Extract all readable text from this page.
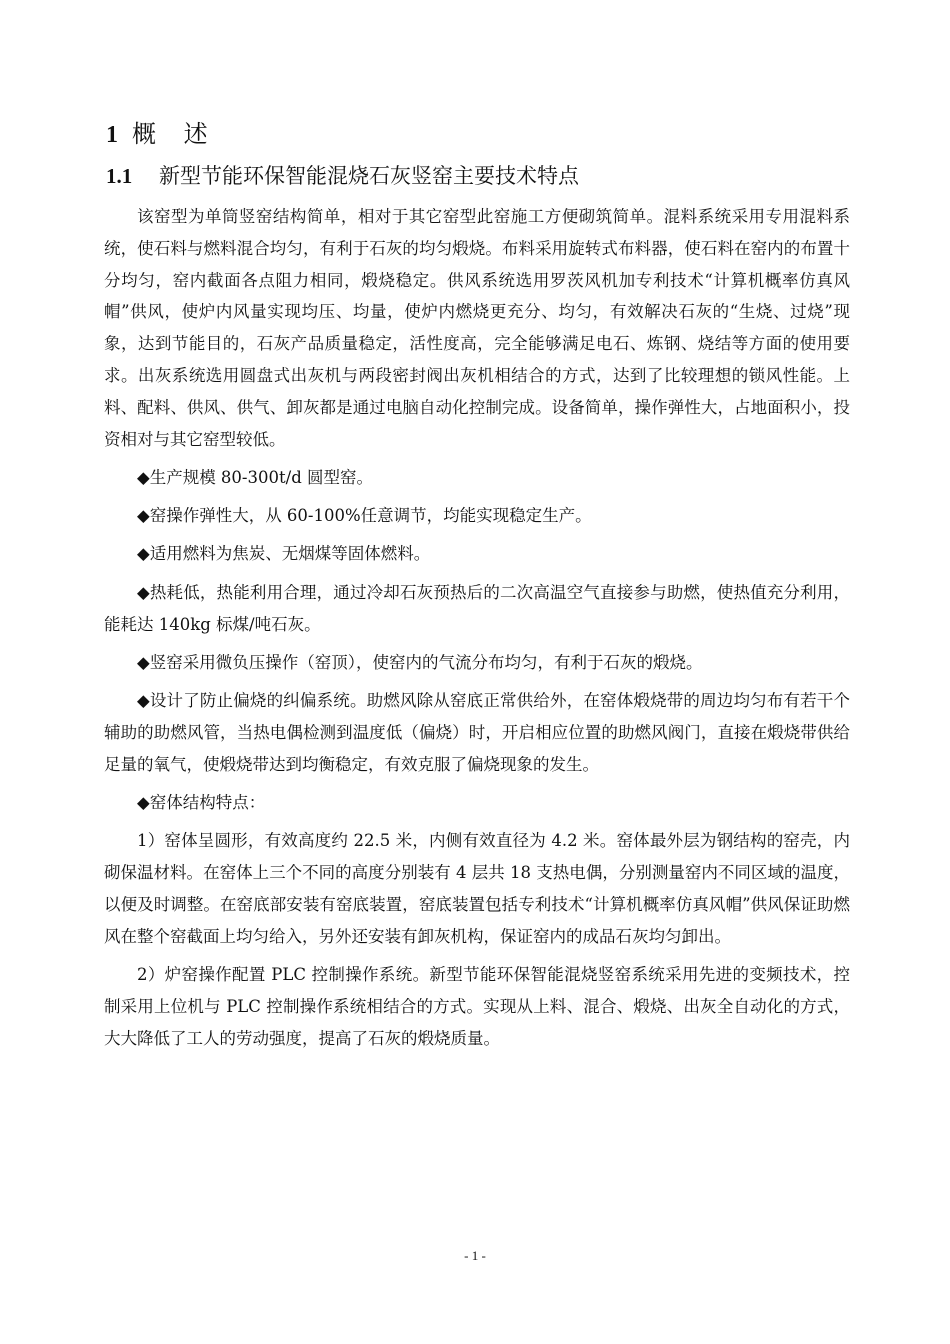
1 概 述
1.1 新型节能环保智能混烧石灰竖窑主要技术特点

该窑型为单筒竖窑结构简单，相对于其它窑型此窑施工方便砌筑简单。混料系统采用专用混料系统，使石料与燃料混合均匀，有利于石灰的均匀煅烧。布料采用旋转式布料器，使石料在窑内的布置十分均匀，窑内截面各点阻力相同，煅烧稳定。供风系统选用罗茨风机加专利技术“计算机概率仿真风帽”供风，使炉内风量实现均压、均量，使炉内燃烧更充分、均匀，有效解决石灰的“生烧、过烧”现象，达到节能目的，石灰产品质量稳定，活性度高，完全能够满足电石、炼钢、烧结等方面的使用要求。出灰系统选用圆盘式出灰机与两段密封阀出灰机相结合的方式，达到了比较理想的锁风性能。上料、配料、供风、供气、卸灰都是通过电脑自动化控制完成。设备简单，操作弹性大，占地面积小，投资相对与其它窑型较低。

◆生产规模 80-300t/d 圆型窑。

◆窑操作弹性大，从 60-100%任意调节，均能实现稳定生产。

◆适用燃料为焦炭、无烟煤等固体燃料。

◆热耗低，热能利用合理，通过冷却石灰预热后的二次高温空气直接参与助燃，使热值充分利用，能耗达 140kg 标煤/吨石灰。

◆竖窑采用微负压操作（窑顶），使窑内的气流分布均匀，有利于石灰的煅烧。

◆设计了防止偏烧的纠偏系统。助燃风除从窑底正常供给外，在窑体煅烧带的周边均匀布有若干个辅助的助燃风管，当热电偶检测到温度低（偏烧）时，开启相应位置的助燃风阀门，直接在煅烧带供给足量的氧气，使煅烧带达到均衡稳定，有效克服了偏烧现象的发生。

◆窑体结构特点：

1）窑体呈圆形，有效高度约 22.5 米，内侧有效直径为 4.2 米。窑体最外层为钢结构的窑壳，内砌保温材料。在窑体上三个不同的高度分别装有 4 层共 18 支热电偶，分别测量窑内不同区域的温度，以便及时调整。在窑底部安装有窑底装置，窑底装置包括专利技术“计算机概率仿真风帽”供风保证助燃风在整个窑截面上均匀给入，另外还安装有卸灰机构，保证窑内的成品石灰均匀卸出。

2）炉窑操作配置 PLC 控制操作系统。新型节能环保智能混烧竖窑系统采用先进的变频技术，控制采用上位机与 PLC 控制操作系统相结合的方式。实现从上料、混合、煅烧、出灰全自动化的方式，大大降低了工人的劳动强度，提高了石灰的煅烧质量。

- 1 -
